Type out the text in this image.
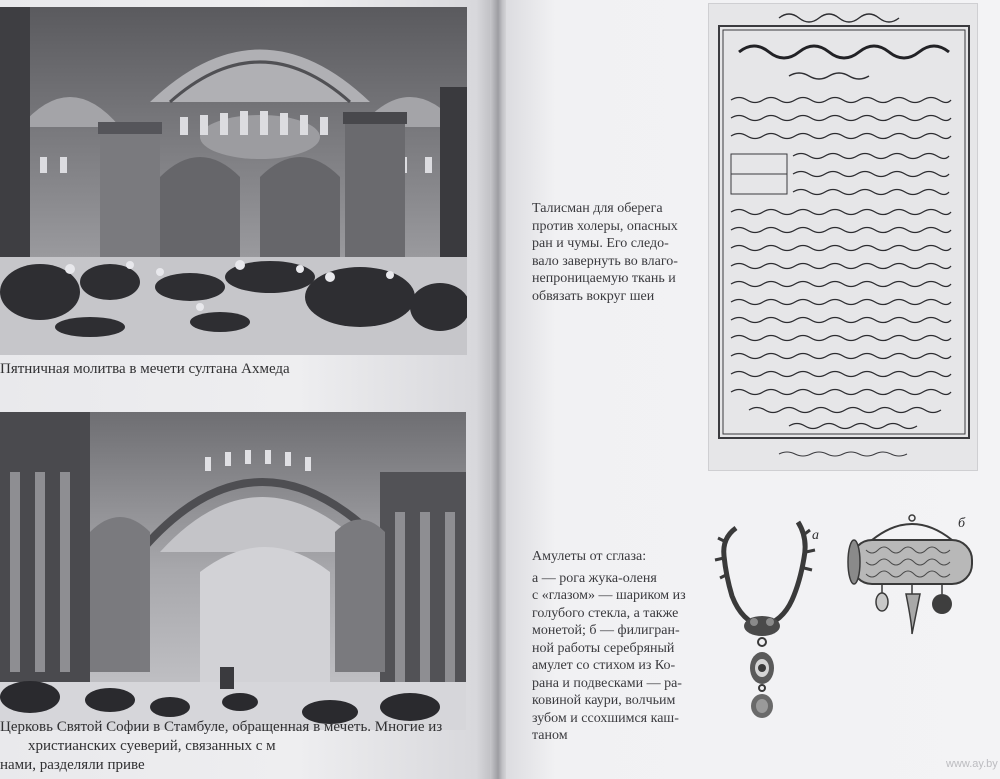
Пятничная молитва в мечети султана Ахмеда
Церковь Святой Софии в Стамбуле, обращенная в мечеть. Многие из
христианских суеверий, связанных с м
нами, разделяли приве
Талисман для оберега
против холеры, опасных
ран и чумы. Его следо-
вало завернуть во влаго-
непроницаемую ткань и
обвязать вокруг шеи

Амулеты от сглаза:

а — рога жука-оленя
с «глазом» — шариком из
голубого стекла, а также
монетой; б — филигран-
ной работы серебряный
амулет со стихом из Ко-
рана и подвесками — ра-
ковиной каури, волчьим
зубом и ссохшимся каш-
таном
а
б
www.ay.by
